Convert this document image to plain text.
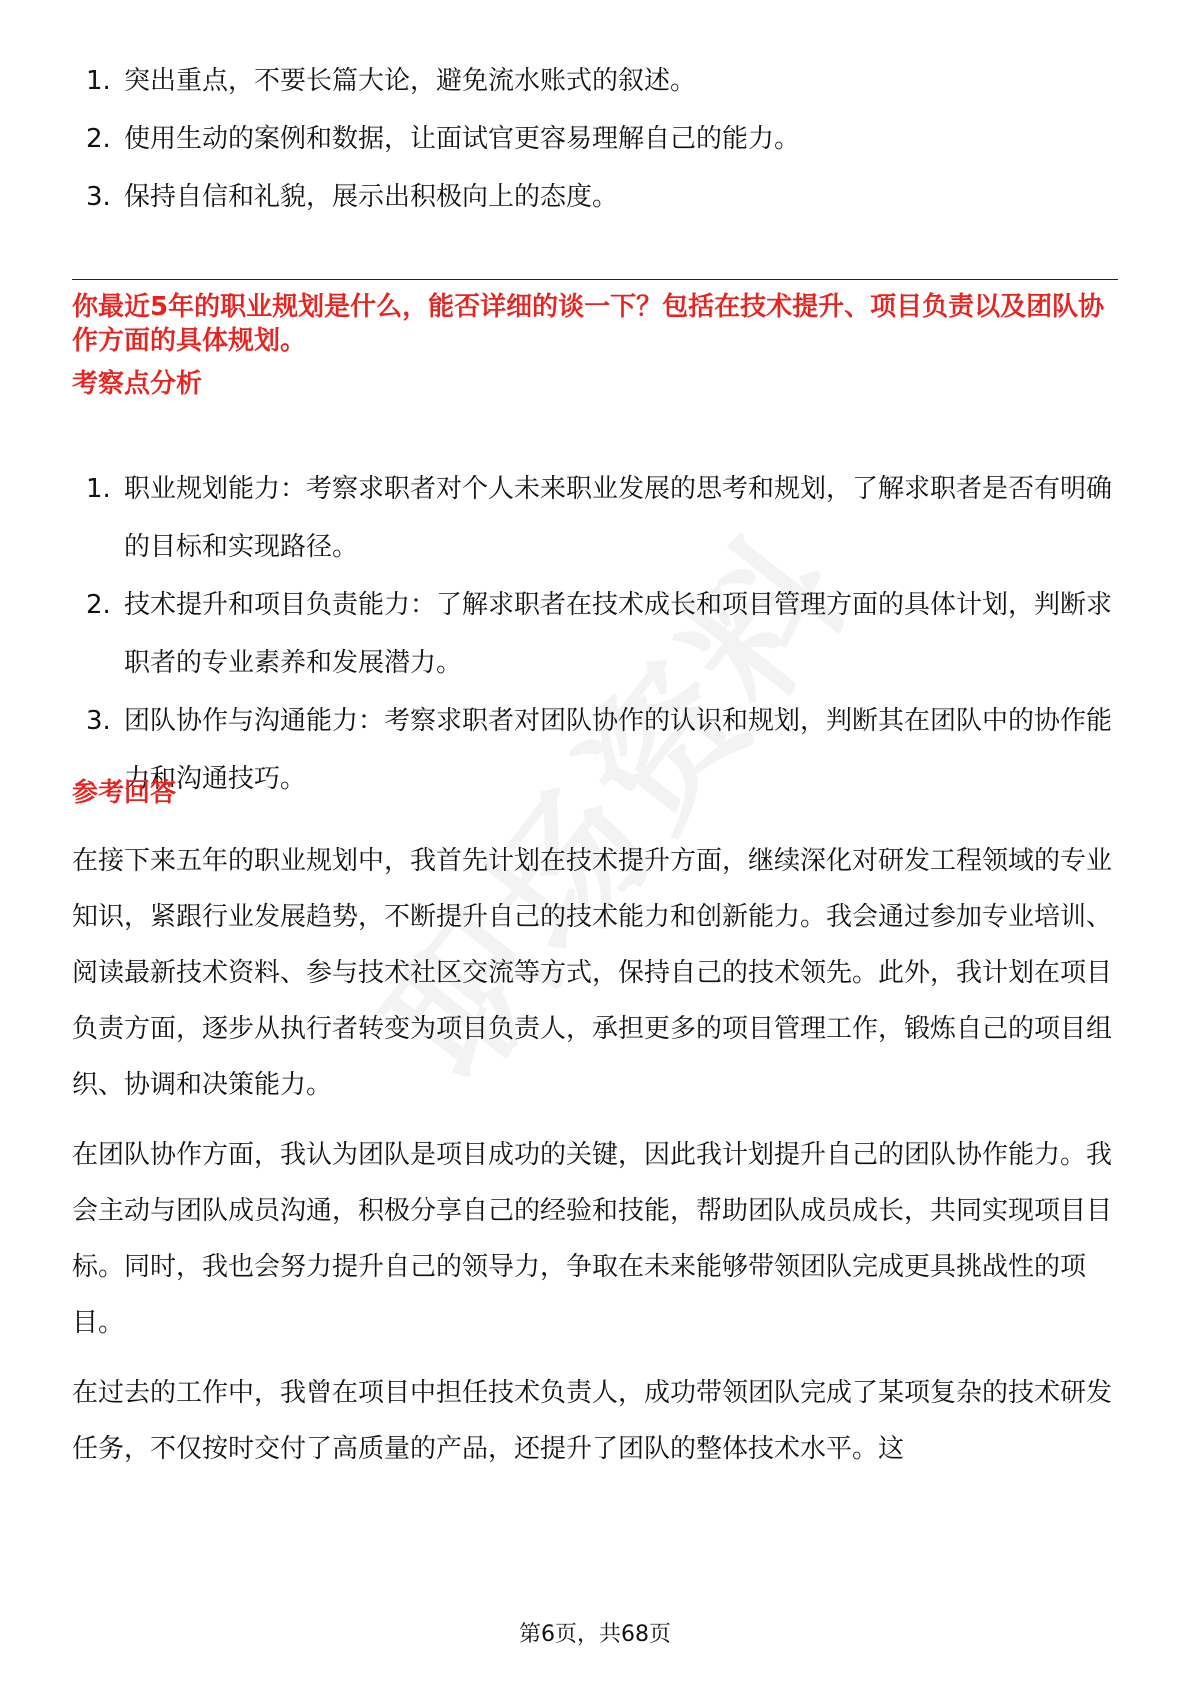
1. 突出重点，不要长篇大论，避免流水账式的叙述。
2. 使用生动的案例和数据，让面试官更容易理解自己的能力。
3. 保持自信和礼貌，展示出积极向上的态度。
你最近5年的职业规划是什么，能否详细的谈一下？包括在技术提升、项目负责以及团队协作方面的具体规划。
考察点分析
1. 职业规划能力：考察求职者对个人未来职业发展的思考和规划，了解求职者是否有明确的目标和实现路径。
2. 技术提升和项目负责能力：了解求职者在技术成长和项目管理方面的具体计划，判断求职者的专业素养和发展潜力。
3. 团队协作与沟通能力：考察求职者对团队协作的认识和规划，判断其在团队中的协作能力和沟通技巧。
参考回答

在接下来五年的职业规划中，我首先计划在技术提升方面，继续深化对研发工程领域的专业知识，紧跟行业发展趋势，不断提升自己的技术能力和创新能力。我会通过参加专业培训、阅读最新技术资料、参与技术社区交流等方式，保持自己的技术领先。此外，我计划在项目负责方面，逐步从执行者转变为项目负责人，承担更多的项目管理工作，锻炼自己的项目组织、协调和决策能力。

在团队协作方面，我认为团队是项目成功的关键，因此我计划提升自己的团队协作能力。我会主动与团队成员沟通，积极分享自己的经验和技能，帮助团队成员成长，共同实现项目目标。同时，我也会努力提升自己的领导力，争取在未来能够带领团队完成更具挑战性的项目。

在过去的工作中，我曾在项目中担任技术负责人，成功带领团队完成了某项复杂的技术研发任务，不仅按时交付了高质量的产品，还提升了团队的整体技术水平。这

第6页，共68页
